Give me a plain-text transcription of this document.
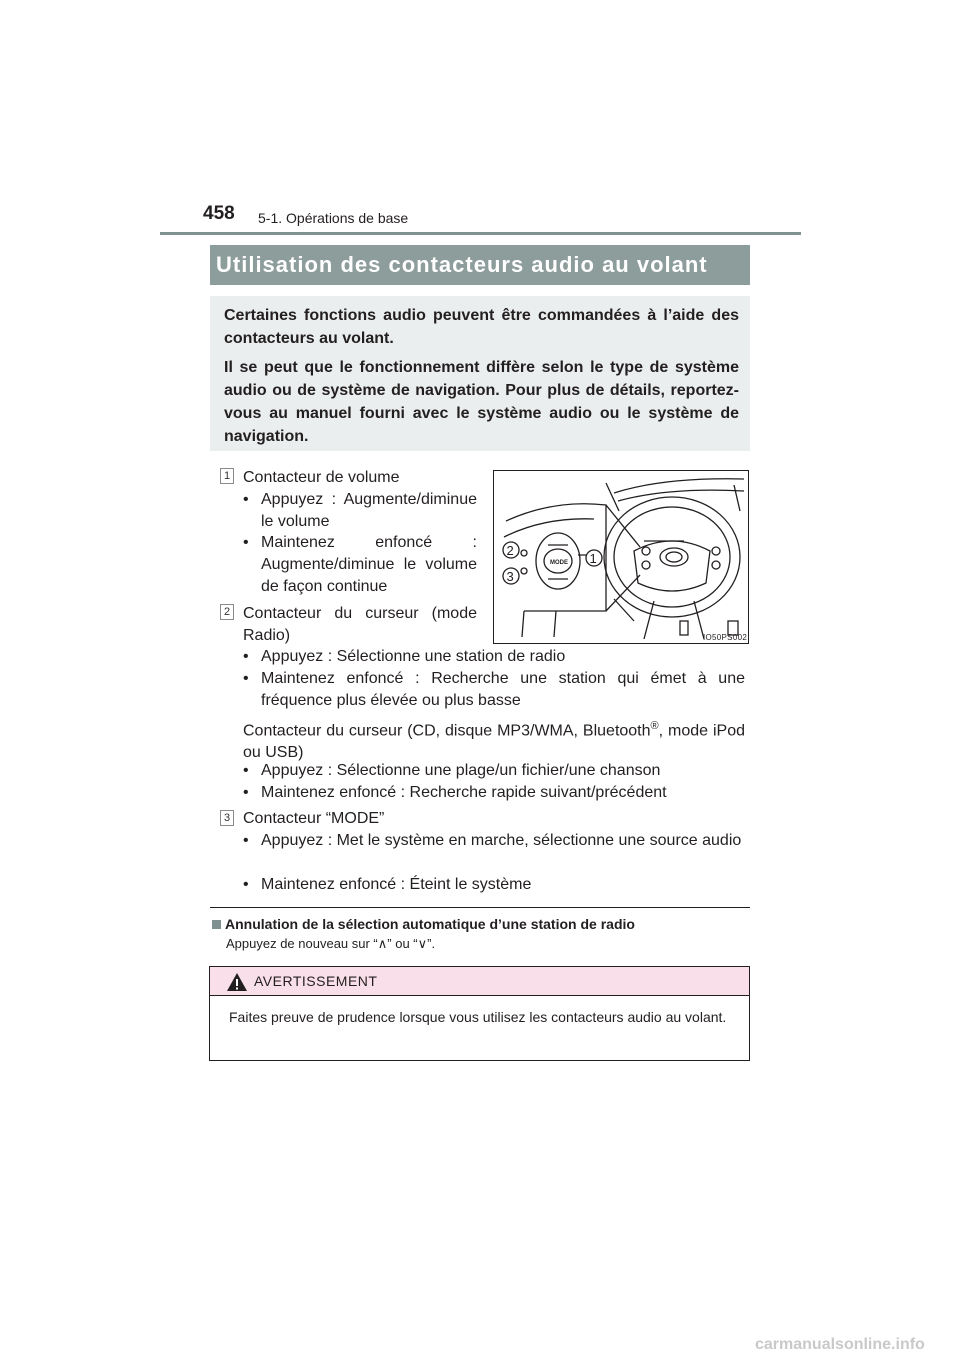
458 5-1. Opérations de base
Utilisation des contacteurs audio au volant

Certaines fonctions audio peuvent être commandées à l’aide des contacteurs au volant.

Il se peut que le fonctionnement diffère selon le type de système audio ou de système de navigation. Pour plus de détails, reportez-vous au manuel fourni avec le système audio ou le système de navigation.

1 Contacteur de volume
• Appuyez : Augmente/diminue le volume
• Maintenez enfoncé : Augmente/diminue le volume de façon continue
2 Contacteur du curseur (mode Radio)
• Appuyez : Sélectionne une station de radio
• Maintenez enfoncé : Recherche une station qui émet à une fréquence plus élevée ou plus basse
Contacteur du curseur (CD, disque MP3/WMA, Bluetooth®, mode iPod ou USB)
• Appuyez : Sélectionne une plage/un fichier/une chanson
• Maintenez enfoncé : Recherche rapide suivant/précédent
3 Contacteur “MODE”
• Appuyez : Met le système en marche, sélectionne une source audio
• Maintenez enfoncé : Éteint le système
MODE
2
3
1
IO50PS002
Annulation de la sélection automatique d’une station de radio
Appuyez de nouveau sur “∧” ou “∨”.
AVERTISSEMENT
Faites preuve de prudence lorsque vous utilisez les contacteurs audio au volant.
carmanualsonline.info
